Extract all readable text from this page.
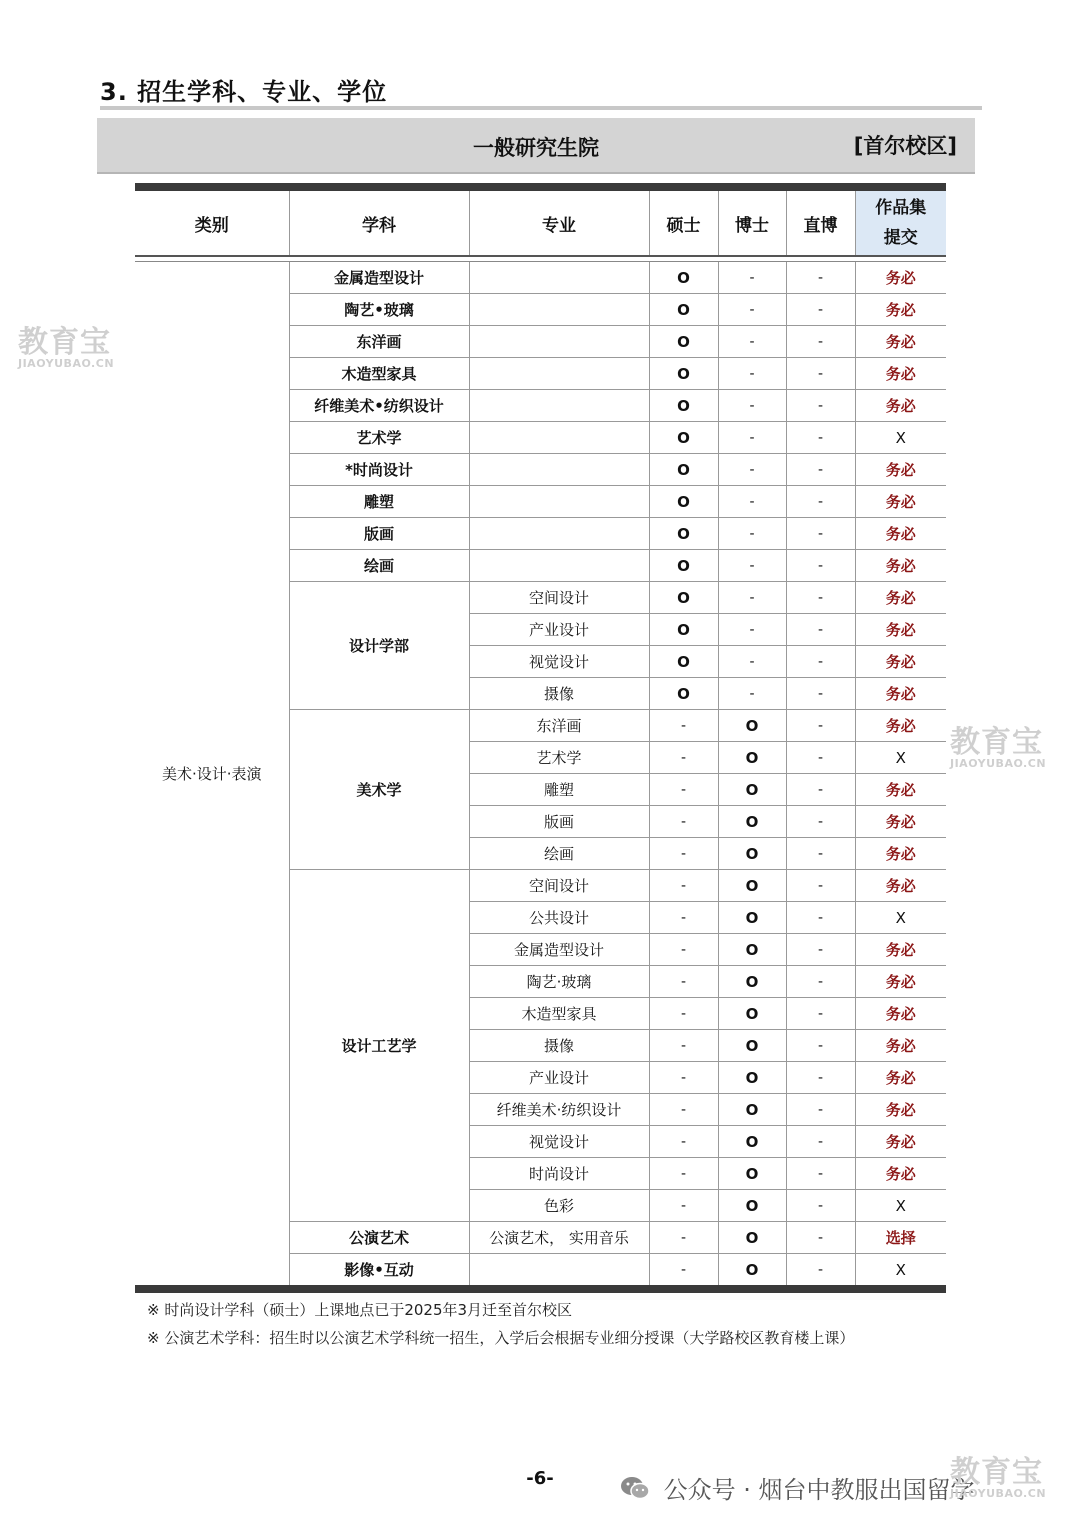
3. 招生学科、专业、学位
一般研究生院	[首尔校区]

类别	学科	专业	硕士	博士	直博	作品集
提交

美术·设计·表演	金属造型设计		O	-	-	务必
	陶艺•玻璃		O	-	-	务必
	东洋画		O	-	-	务必
	木造型家具		O	-	-	务必
	纤维美术•纺织设计		O	-	-	务必
	艺术学		O	-	-	X
	*时尚设计		O	-	-	务必
	雕塑		O	-	-	务必
	版画		O	-	-	务必
	绘画		O	-	-	务必
	设计学部	空间设计	O	-	-	务必
		产业设计	O	-	-	务必
		视觉设计	O	-	-	务必
		摄像	O	-	-	务必
	美术学	东洋画	-	O	-	务必
		艺术学	-	O	-	X
		雕塑	-	O	-	务必
		版画	-	O	-	务必
		绘画	-	O	-	务必
	设计工艺学	空间设计	-	O	-	务必
		公共设计	-	O	-	X
		金属造型设计	-	O	-	务必
		陶艺·玻璃	-	O	-	务必
		木造型家具	-	O	-	务必
		摄像	-	O	-	务必
		产业设计	-	O	-	务必
		纤维美术·纺织设计	-	O	-	务必
		视觉设计	-	O	-	务必
		时尚设计	-	O	-	务必
		色彩	-	O	-	X
	公演艺术	公演艺术， 实用音乐	-	O	-	选择
	影像•互动		-	O	-	X

※ 时尚设计学科（硕士）上课地点已于2025年3月迁至首尔校区
※ 公演艺术学科：招生时以公演艺术学科统一招生，入学后会根据专业细分授课（大学路校区教育楼上课）
-6-	公众号 · 烟台中教服出国留学
教育宝
JIAOYUBAO.CN
教育宝
JIAOYUBAO.CN
教育宝
JIAOYUBAO.CN
